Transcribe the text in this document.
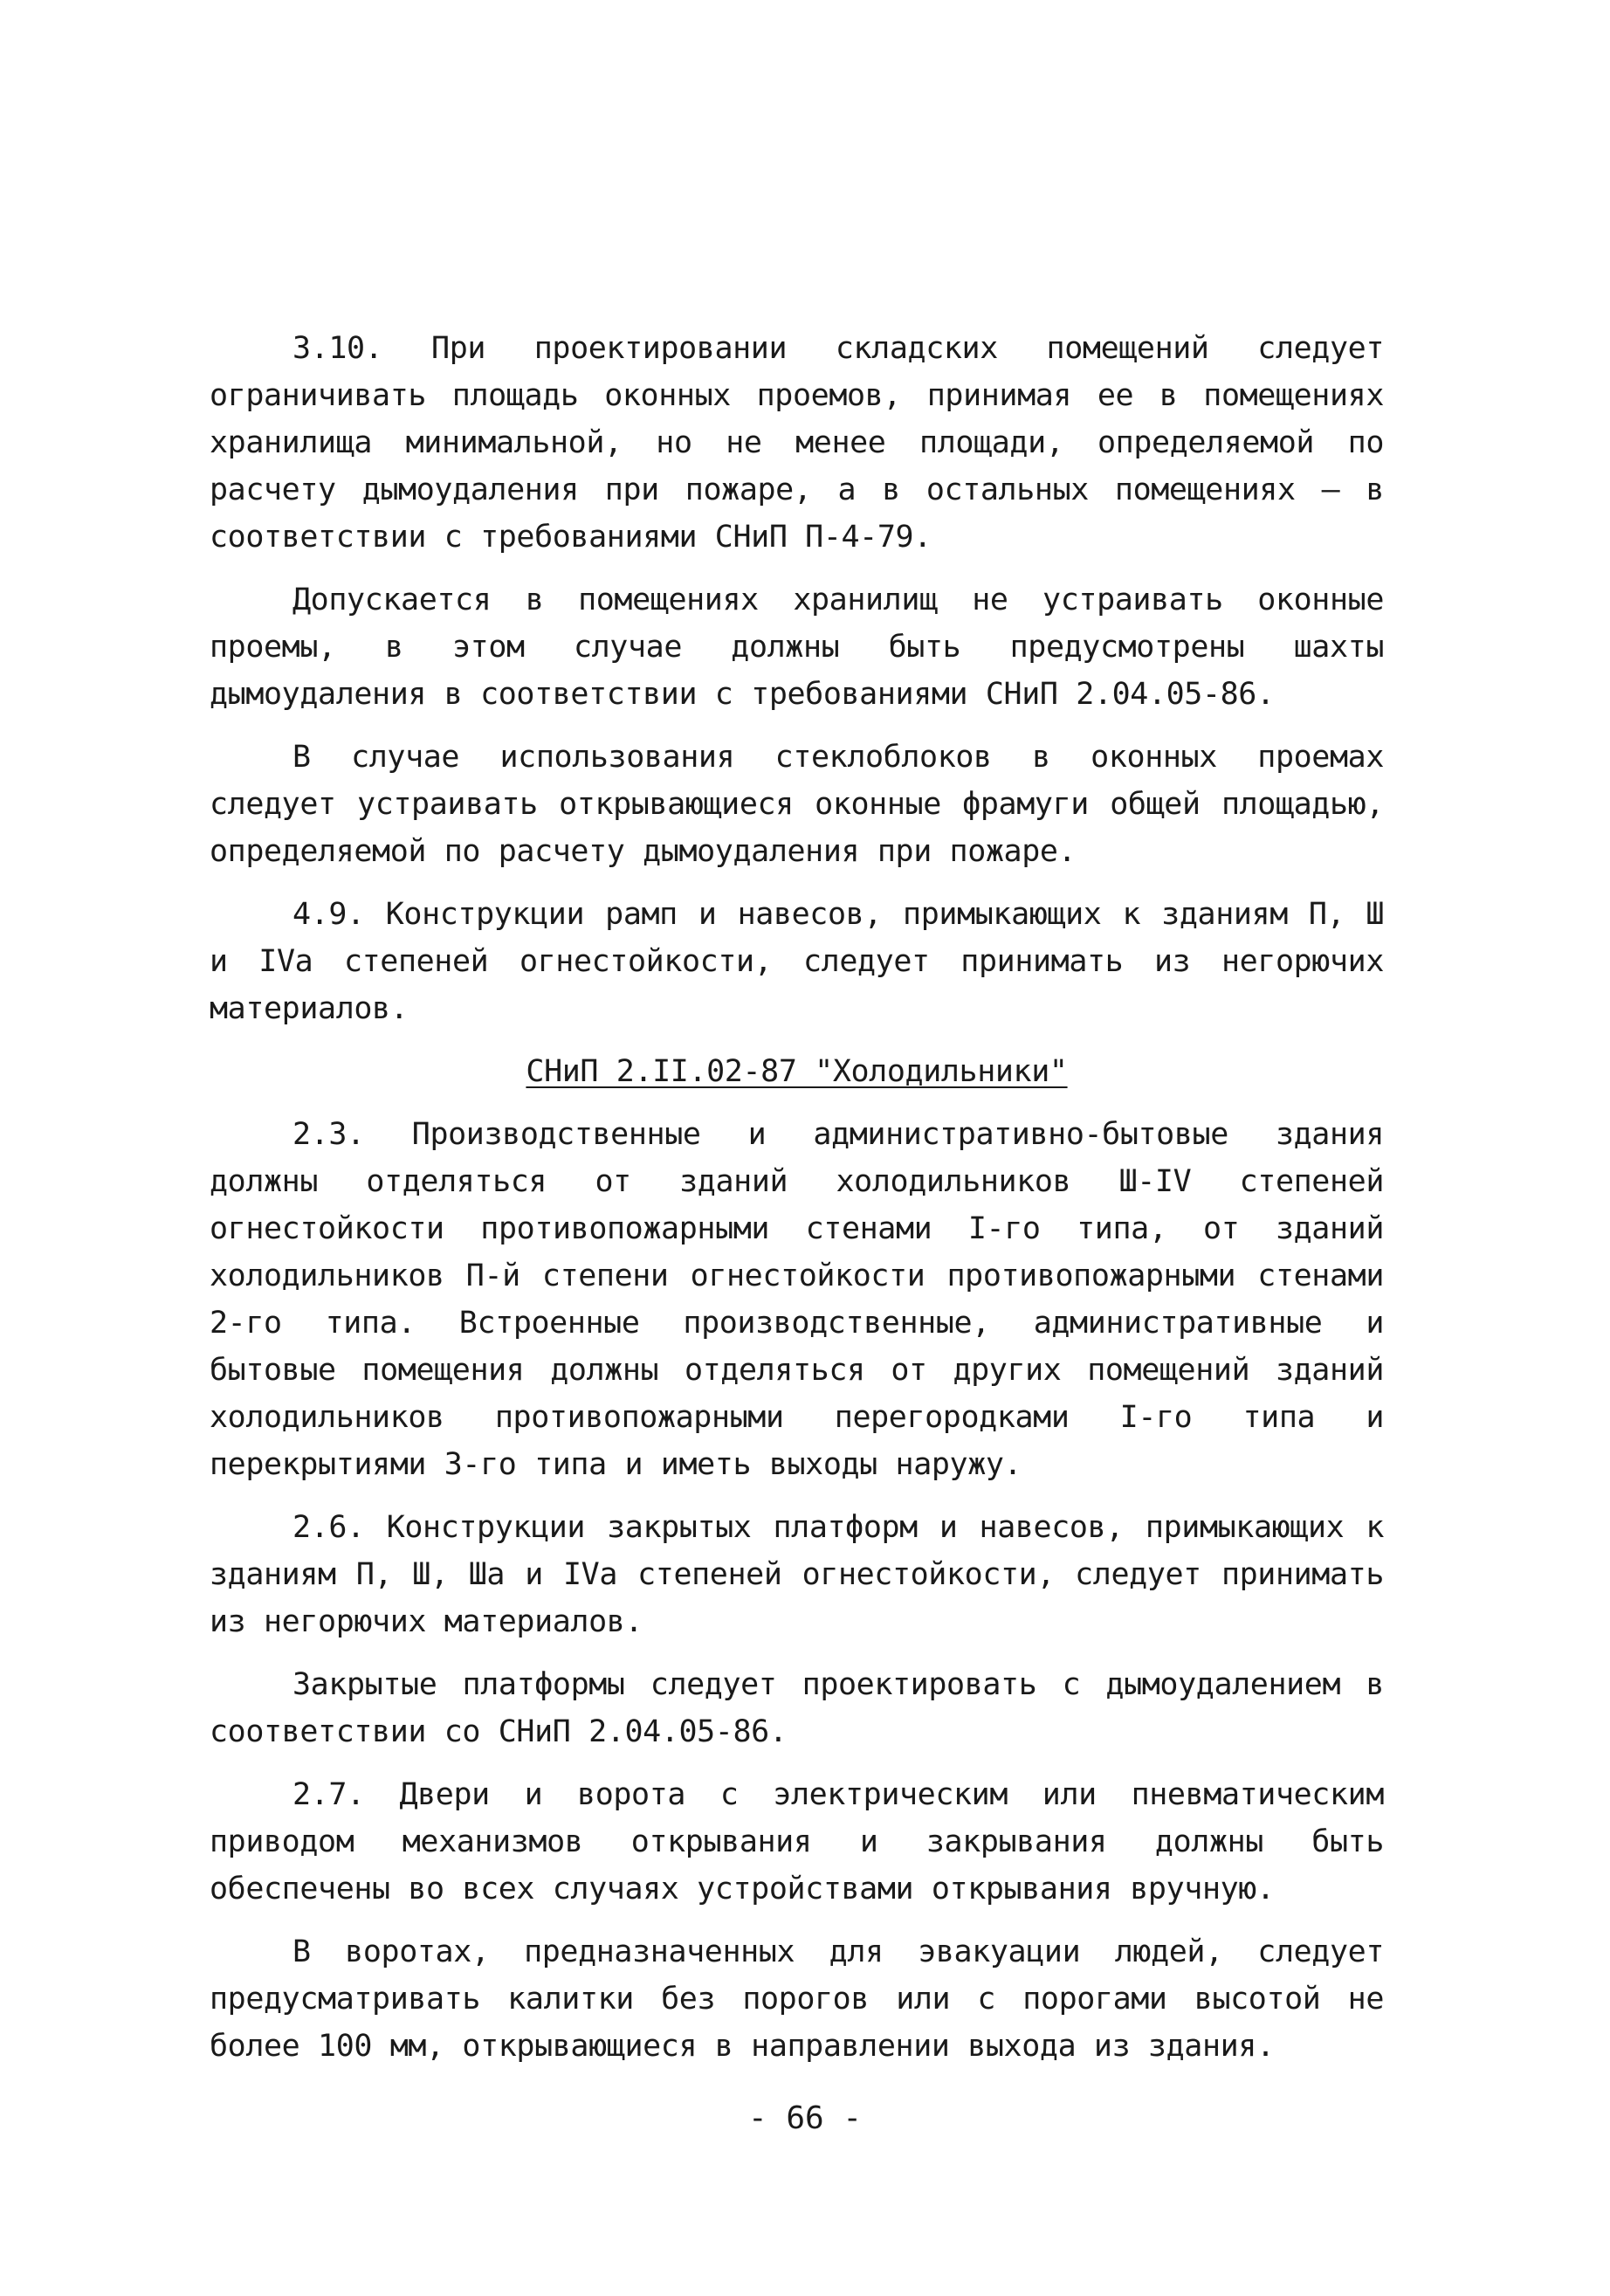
3.10. При проектировании складских помещений следует ограничивать площадь оконных проемов, принимая ее в помещениях хранилища минимальной, но не менее площади, определяемой по расчету дымоудаления при пожаре, а в остальных помещениях – в соответствии с требованиями СНиП П-4-79.

Допускается в помещениях хранилищ не устраивать оконные проемы, в этом случае должны быть предусмотрены шахты дымоудаления в соответствии с требованиями СНиП 2.04.05-86.

В случае использования стеклоблоков в оконных проемах следует устраивать открывающиеся оконные фрамуги общей площадью, определяемой по расчету дымоудаления при пожаре.

4.9. Конструкции рамп и навесов, примыкающих к зданиям П, Ш и IVа степеней огнестойкости, следует принимать из негорючих материалов.

СНиП 2.II.02-87 "Холодильники"

2.3. Производственные и административно-бытовые здания должны отделяться от зданий холодильников Ш-IV степеней огнестойкости противопожарными стенами I-го типа, от зданий холодильников П-й степени огнестойкости противопожарными стенами 2-го типа. Встроенные производственные, административные и бытовые помещения должны отделяться от других помещений зданий холодильников противопожарными перегородками I-го типа и перекрытиями 3-го типа и иметь выходы наружу.

2.6. Конструкции закрытых платформ и навесов, примыкающих к зданиям П, Ш, Шa и IVа степеней огнестойкости, следует принимать из негорючих материалов.

Закрытые платформы следует проектировать с дымоудалением в соответствии со СНиП 2.04.05-86.

2.7. Двери и ворота с электрическим или пневматическим приводом механизмов открывания и закрывания должны быть обеспечены во всех случаях устройствами открывания вручную.

В воротах, предназначенных для эвакуации людей, следует предусматривать калитки без порогов или с порогами высотой не более 100 мм, открывающиеся в направлении выхода из здания.

- 66 -
